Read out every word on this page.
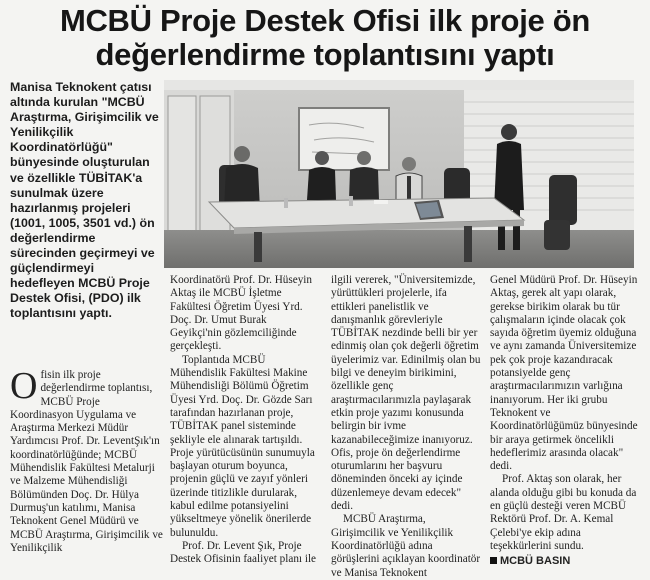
MCBÜ Proje Destek Ofisi ilk proje ön
değerlendirme toplantısını yaptı
Manisa Teknokent çatısı altında kurulan "MCBÜ Araştırma, Girişimcilik ve Yenilikçilik Koordinatörlüğü" bünyesinde oluşturulan ve özellikle TÜBİTAK'a sunulmak üzere hazırlanmış projeleri (1001, 1005, 3501 vd.) ön değerlendirme sürecinden geçirmeyi ve güçlendirmeyi hedefleyen MCBÜ Proje Destek Ofisi, (PDO) ilk toplantısını yaptı.

Ofisin ilk proje değerlendirme toplantısı, MCBÜ Proje Koordinasyon Uygulama ve Araştırma Merkezi Müdür Yardımcısı Prof. Dr. LeventŞık'ın koordinatörlüğünde; MCBÜ Mühendislik Fakültesi Metalurji ve Malzeme Mühendisliği Bölümünden Doç. Dr. Hülya Durmuş'un katılımı, Manisa Teknokent Genel Müdürü ve MCBÜ Araştırma, Girişimcilik ve Yenilikçilik

Koordinatörü Prof. Dr. Hüseyin Aktaş ile MCBÜ İşletme Fakültesi Öğretim Üyesi Yrd. Doç. Dr. Umut Burak Geyikçi'nin gözlemciliğinde gerçekleşti.

Toplantıda MCBÜ Mühendislik Fakültesi Makine Mühendisliği Bölümü Öğretim Üyesi Yrd. Doç. Dr. Gözde Sarı tarafından hazırlanan proje, TÜBİTAK panel sisteminde şekliyle ele alınarak tartışıldı. Proje yürütücüsünün sunumuyla başlayan oturum boyunca, projenin güçlü ve zayıf yönleri üzerinde titizlikle durularak, kabul edilme potansiyelini yükseltmeye yönelik önerilerde bulunuldu.

Prof. Dr. Levent Şık, Proje Destek Ofisinin faaliyet planı ile

ilgili vererek, "Üniversitemizde, yürüttükleri projelerle, ifa ettikleri panelistlik ve danışmanlık görevleriyle TÜBİTAK nezdinde belli bir yer edinmiş olan çok değerli öğretim üyelerimiz var. Edinilmiş olan bu bilgi ve deneyim birikimini, özellikle genç araştırmacılarımızla paylaşarak etkin proje yazımı konusunda belirgin bir ivme kazanabileceğimize inanıyoruz. Ofis, proje ön değerlendirme oturumlarını her başvuru döneminden önceki ay içinde düzenlemeye devam edecek" dedi.

MCBÜ Araştırma, Girişimcilik ve Yenilikçilik Koordinatörlüğü adına görüşlerini açıklayan koordinatör ve Manisa Teknokent

Genel Müdürü Prof. Dr. Hüseyin Aktaş, gerek alt yapı olarak, gerekse birikim olarak bu tür çalışmaların içinde olacak çok sayıda öğretim üyemiz olduğuna ve aynı zamanda Üniversitemize pek çok proje kazandıracak potansiyelde genç araştırmacılarımızın varlığına inanıyorum. Her iki grubu Teknokent ve Koordinatörlüğümüz bünyesinde bir araya getirmek öncelikli hedeflerimiz arasında olacak" dedi.

Prof. Aktaş son olarak, her alanda olduğu gibi bu konuda da en güçlü desteği veren MCBÜ Rektörü Prof. Dr. A. Kemal Çelebi'ye ekip adına teşekkürlerini sundu.

MCBÜ BASIN
